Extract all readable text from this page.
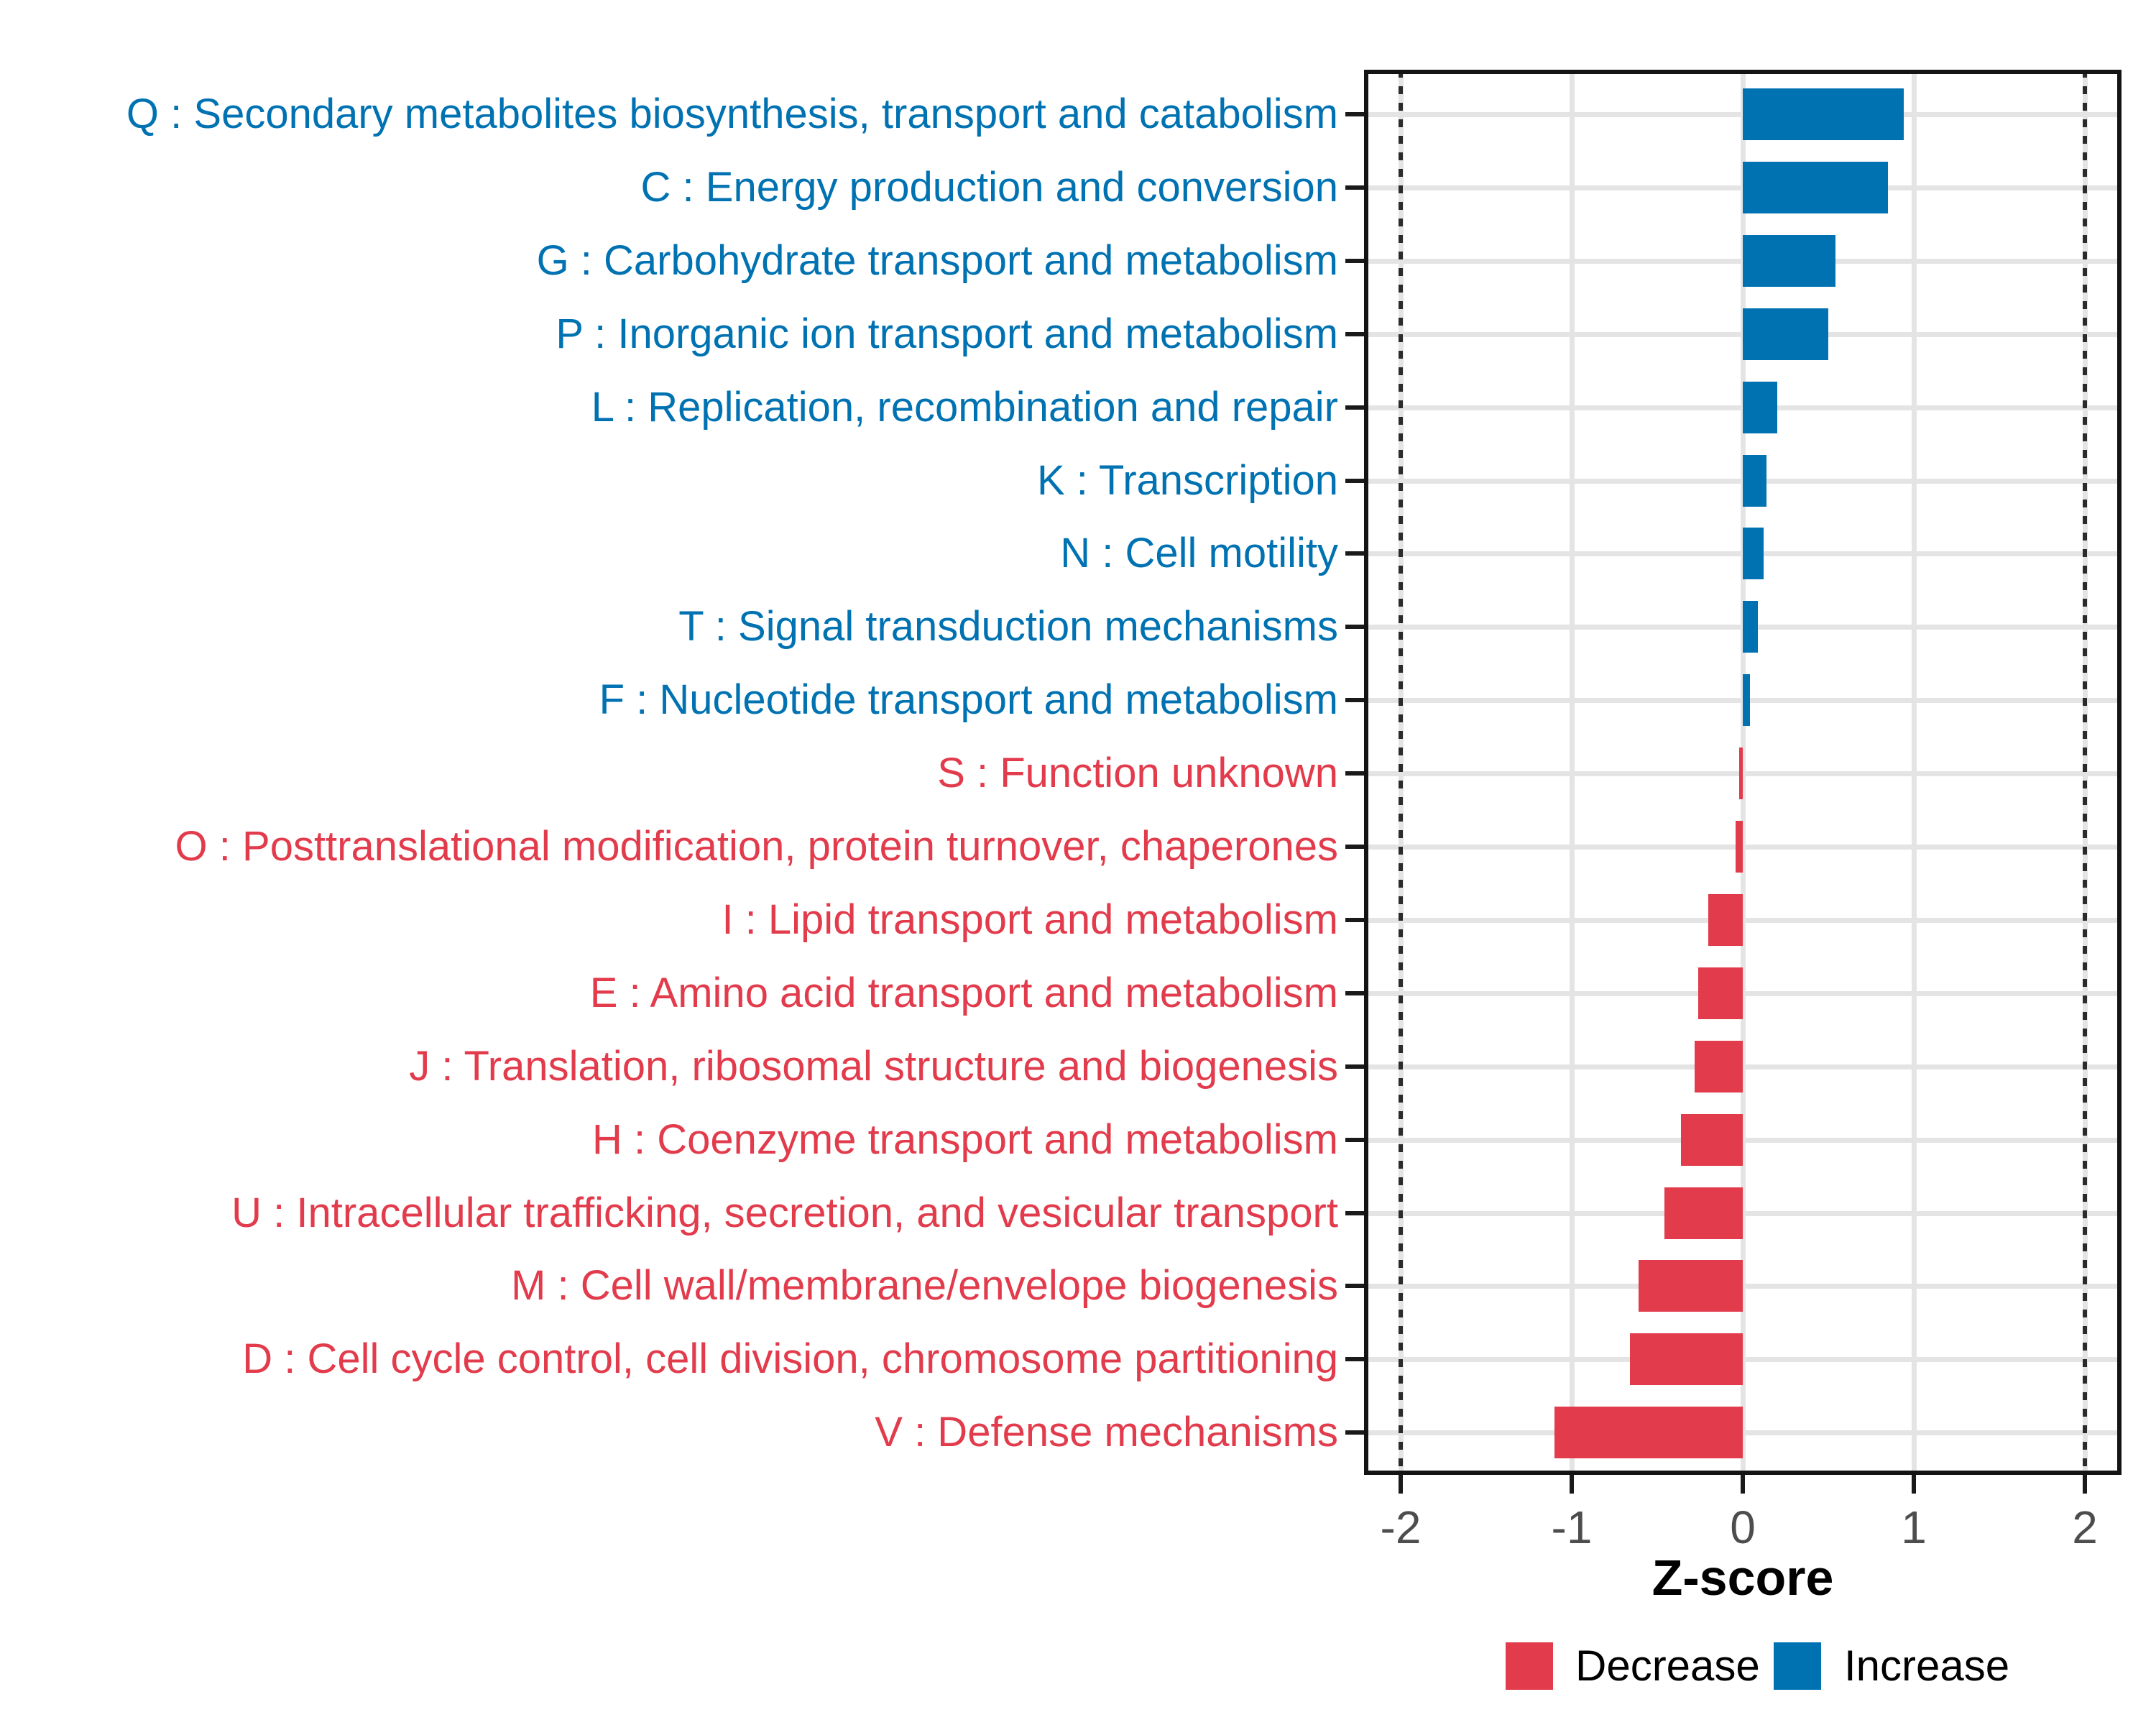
Z-score
Decrease Increase
Q : Secondary metabolites biosynthesis, transport and catabolism
C : Energy production and conversion
G : Carbohydrate transport and metabolism
P : Inorganic ion transport and metabolism
L : Replication, recombination and repair
K : Transcription
N : Cell motility
T : Signal transduction mechanisms
F : Nucleotide transport and metabolism
S : Function unknown
O : Posttranslational modification, protein turnover, chaperones
I : Lipid transport and metabolism
E : Amino acid transport and metabolism
J : Translation, ribosomal structure and biogenesis
H : Coenzyme transport and metabolism
U : Intracellular trafficking, secretion, and vesicular transport
M : Cell wall/membrane/envelope biogenesis
D : Cell cycle control, cell division, chromosome partitioning
V : Defense mechanisms
-2	-1	0	1	2
